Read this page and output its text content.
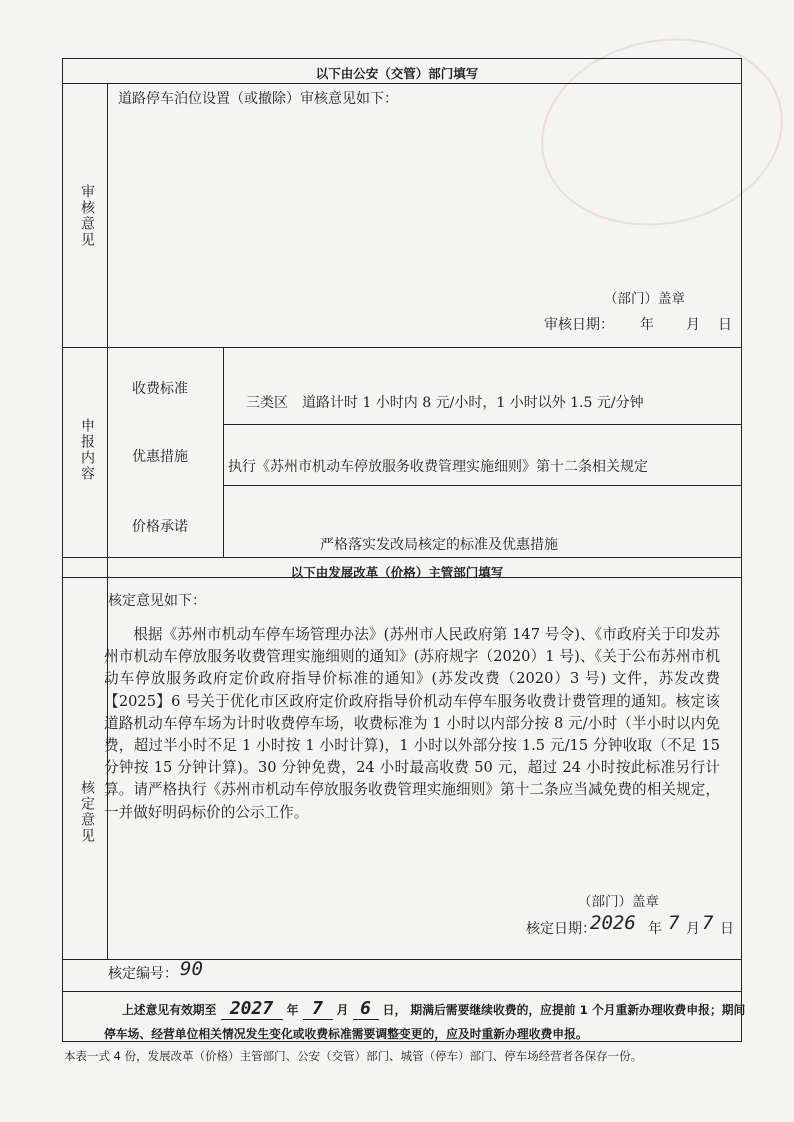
以下由公安（交管）部门填写
审核意见
道路停车泊位设置（或撤除）审核意见如下：
（部门）盖章
审核日期： 年 月 日
申报内容
收费标准
三类区　道路计时 1 小时内 8 元/小时，1 小时以外 1.5 元/分钟
优惠措施
执行《苏州市机动车停放服务收费管理实施细则》第十二条相关规定
价格承诺
严格落实发改局核定的标准及优惠措施
以下由发展改革（价格）主管部门填写
核定意见
核定意见如下：
根据《苏州市机动车停车场管理办法》(苏州市人民政府第 147 号令)、《市政府关于印发苏州市机动车停放服务收费管理实施细则的通知》(苏府规字（2020）1 号)、《关于公布苏州市机动车停放服务政府定价政府指导价标准的通知》(苏发改费（2020）3 号) 文件，苏发改费【2025】6 号关于优化市区政府定价政府指导价机动车停车服务收费计费管理的通知。核定该道路机动车停车场为计时收费停车场，收费标准为 1 小时以内部分按 8 元/小时（半小时以内免费，超过半小时不足 1 小时按 1 小时计算)，1 小时以外部分按 1.5 元/15 分钟收取（不足 15 分钟按 15 分钟计算)。30 分钟免费，24 小时最高收费 50 元，超过 24 小时按此标准另行计算。请严格执行《苏州市机动车停放服务收费管理实施细则》第十二条应当减免费的相关规定，一并做好明码标价的公示工作。
（部门）盖章
核定日期：
2026 年 7 月 7 日
核定编号： 90
上述意见有效期至 2027 年 7 月 6 日， 期满后需要继续收费的，应提前 1 个月重新办理收费申报；期间
停车场、经营单位相关情况发生变化或收费标准需要调整变更的，应及时重新办理收费申报。
本表一式 4 份，发展改革（价格）主管部门、公安（交管）部门、城管（停车）部门、停车场经营者各保存一份。
